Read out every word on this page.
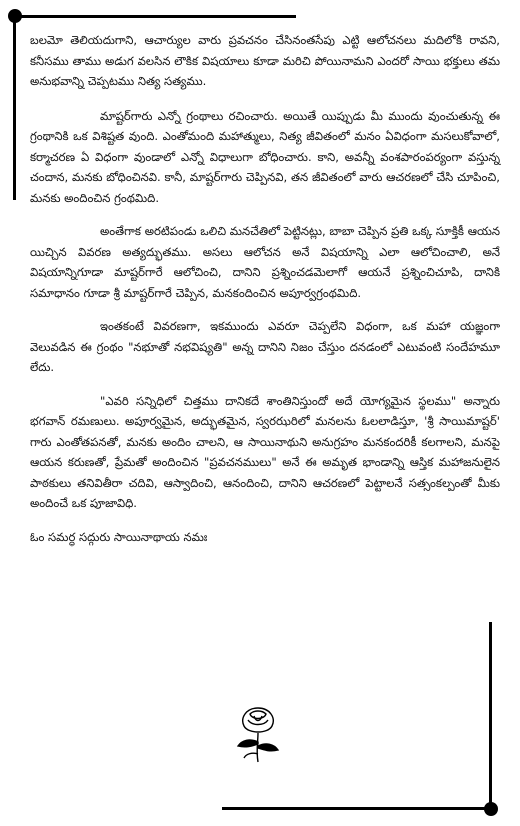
బలమో తెలియదుగాని, ఆచార్యుల వారు ప్రవచనం చేసినంతసేపు ఎట్టి ఆలోచనలు మదిలోకి రావని, కనీసము తాము అడుగ వలసిన లౌకిక విషయాలు కూడా మరిచి పోయినామని ఎందరో సాయి భక్తులు తమ అనుభవాన్ని చెప్పటము నిత్య సత్యము.

మాష్టర్‌గారు ఎన్నో గ్రంథాలు రచించారు. అయితే యిప్పుడు మీ ముందు వుంచుతున్న ఈ గ్రంథానికి ఒక విశిష్టత వుంది. ఎంతోమంది మహాత్ములు, నిత్య జీవితంలో మనం ఏవిధంగా మసలుకోవాలో, కర్మాచరణ ఏ విధంగా వుండాలో ఎన్నో విధాలుగా బోధించారు. కాని, అవన్నీ వంశపారంపర్యంగా వస్తున్న చందాన, మనకు బోధించినవి. కానీ, మాష్టర్‌గారు చెప్పినవి, తన జీవితంలో వారు ఆచరణలో చేసి చూపించి, మనకు అందించిన గ్రంథమిది.

అంతేగాక అరటిపండు ఒలిచి మనచేతిలో పెట్టినట్లు, బాబా చెప్పిన ప్రతి ఒక్క సూక్తికీ ఆయన యిచ్చిన వివరణ అత్యద్భుతము. అసలు ఆలోచన అనే విషయాన్ని ఎలా ఆలోచించాలి, అనే విషయాన్నిగూడా మాష్టర్‌గారే ఆలోచించి, దానిని ప్రశ్నించడమెలాగో ఆయనే ప్రశ్నించిచూపి, దానికి సమాధానం గూడా శ్రీ మాష్టర్‌గారే చెప్పిన, మనకందించిన అపూర్వగ్రంథమిది.

ఇంతకంటే వివరణగా, ఇకముందు ఎవరూ చెప్పలేని విధంగా, ఒక మహా యజ్ఞంగా వెలువడిన ఈ గ్రంథం "నభూతో నభవిష్యతి" అన్న దానిని నిజం చేస్తుం దనడంలో ఎటువంటి సందేహమూ లేదు.

"ఎవరి సన్నిధిలో చిత్తము దానికదే శాంతినిస్తుందో అదే యోగ్యమైన స్థలము" అన్నారు భగవాన్ రమణులు. అపూర్వమైన, అద్భుతమైన, స్వరఝరిలో మనలను ఓలలాడిస్తూ, 'శ్రీ సాయిమాష్టర్' గారు ఎంతోతపనతో, మనకు అందిం చాలని, ఆ సాయినాథుని అనుగ్రహం మనకందరికీ కలగాలని, మనపై ఆయన కరుణతో, ప్రేమతో అందించిన "ప్రవచనములు" అనే ఈ అమృత భాండాన్ని ఆస్తిక మహాజనులైన పాఠకులు తనివితీరా చదివి, ఆస్వాదించి, ఆనందించి, దానిని ఆచరణలో పెట్టాలనే సత్సంకల్పంతో మీకు అందించే ఒక పూజావిధి.

ఓం సమర్ధ సద్గురు సాయినాథాయ నమః
